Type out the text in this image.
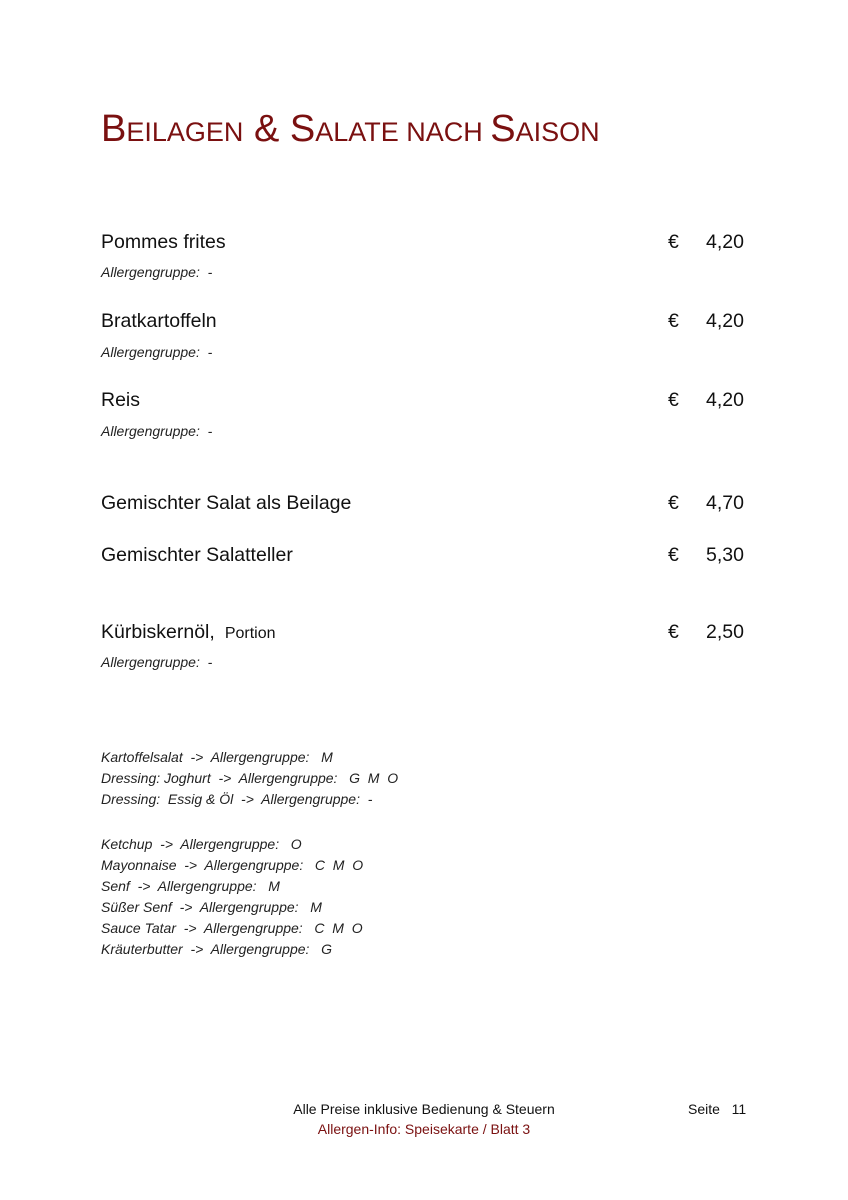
BEILAGEN & SALATE NACH SAISON
Pommes frites	€ 4,20
Allergengruppe:  -
Bratkartoffeln	€ 4,20
Allergengruppe:  -
Reis	€ 4,20
Allergengruppe:  -
Gemischter Salat als Beilage	€ 4,70
Gemischter Salatteller	€ 5,30
Kürbiskernöl, Portion	€ 2,50
Allergengruppe:  -
Kartoffelsalat  ->  Allergengruppe:   M
Dressing: Joghurt  ->  Allergengruppe:   G  M  O
Dressing:  Essig & Öl  ->  Allergengruppe:  -
Ketchup  ->  Allergengruppe:   O
Mayonnaise  ->  Allergengruppe:   C  M  O
Senf  ->  Allergengruppe:   M
Süßer Senf  ->  Allergengruppe:   M
Sauce Tatar  ->  Allergengruppe:   C  M  O
Kräuterbutter  ->  Allergengruppe:   G
Alle Preise inklusive Bedienung & Steuern
Allergen-Info: Speisekarte / Blatt 3
Seite   11
